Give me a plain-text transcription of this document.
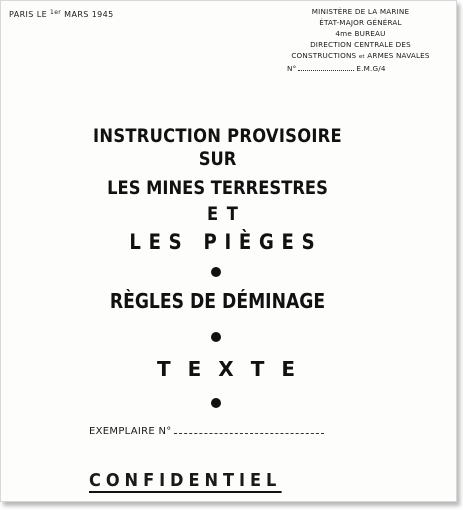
PARIS LE $^{1er}$ MARS 1945	MINISTÈRE DE LA MARINE
ÉTAT-MAJOR GÉNÉRAL
4me BUREAU
DIRECTION CENTRALE DES
CONSTRUCTIONS et ARMES NAVALES
N°	E.M.G/4
INSTRUCTION PROVISOIRE
SUR
LES MINES TERRESTRES
ET
LES PIÈGES
RÈGLES DE DÉMINAGE
TEXTE
EXEMPLAIRE N°
CONFIDENTIEL
